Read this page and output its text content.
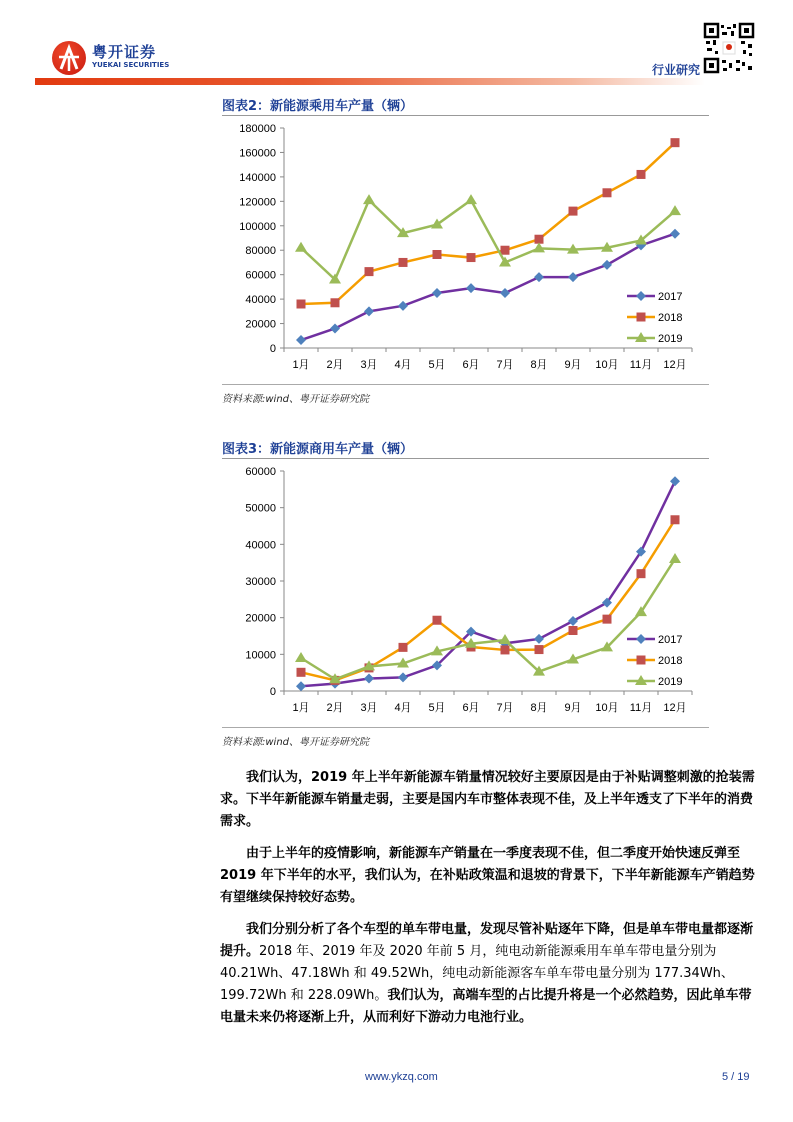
粤开证券
YUEKAI SECURITIES	行业研究
图表2：新能源乘用车产量（辆）
0
20000
40000
60000
80000
100000
120000
140000
160000
180000
1月 2月 3月 4月 5月 6月 7月 8月 9月 10月 11月 12月
2017
2018
2019
资料来源:wind、粤开证券研究院
图表3：新能源商用车产量（辆）
0
10000
20000
30000
40000
50000
60000
1月 2月 3月 4月 5月 6月 7月 8月 9月 10月 11月 12月
2017
2018
2019
资料来源:wind、粤开证券研究院

我们认为，2019 年上半年新能源车销量情况较好主要原因是由于补贴调整刺激的抢装需求。下半年新能源车销量走弱，主要是国内车市整体表现不佳，及上半年透支了下半年的消费需求。

由于上半年的疫情影响，新能源车产销量在一季度表现不佳，但二季度开始快速反弹至 2019 年下半年的水平，我们认为，在补贴政策温和退坡的背景下，下半年新能源车产销趋势有望继续保持较好态势。

我们分别分析了各个车型的单车带电量，发现尽管补贴逐年下降，但是单车带电量都逐渐提升。2018 年、2019 年及 2020 年前 5 月，纯电动新能源乘用车单车带电量分别为 40.21Wh、47.18Wh 和 49.52Wh，纯电动新能源客车单车带电量分别为 177.34Wh、199.72Wh 和 228.09Wh。我们认为，高端车型的占比提升将是一个必然趋势，因此单车带电量未来仍将逐渐上升，从而利好下游动力电池行业。

www.ykzq.com	5 / 19
